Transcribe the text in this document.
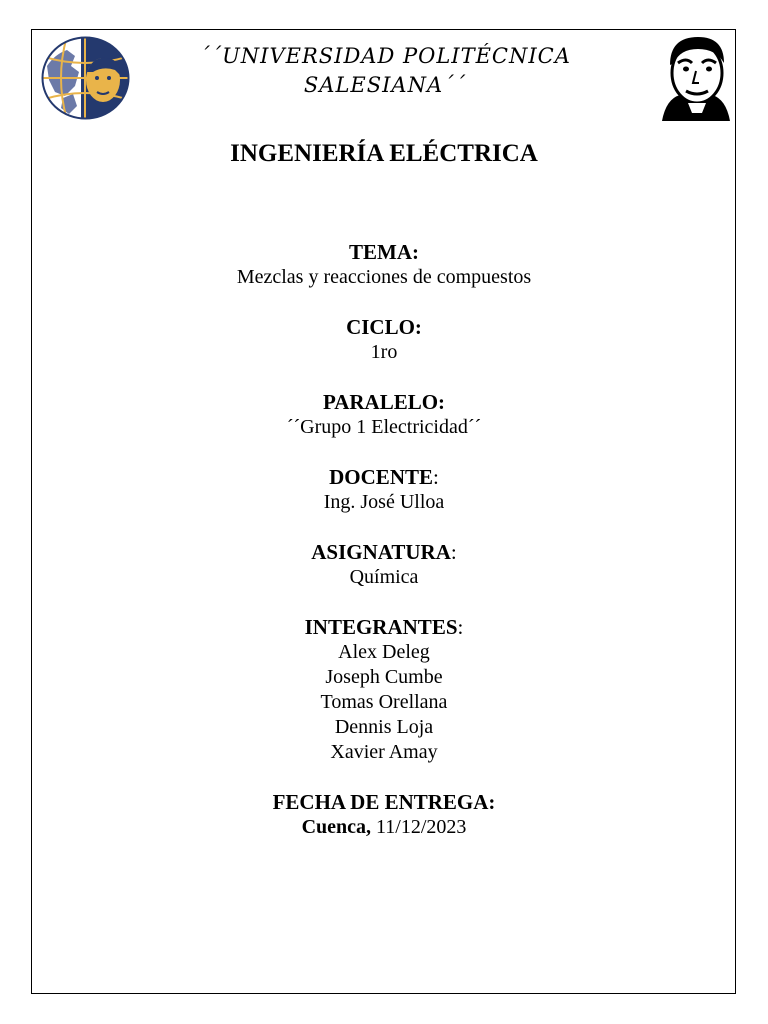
´´UNIVERSIDAD POLITÉCNICA
SALESIANA´´
INGENIERÍA ELÉCTRICA
TEMA:
Mezclas y reacciones de compuestos
CICLO:
1ro
PARALELO:
´´Grupo 1 Electricidad´´
DOCENTE:
Ing. José Ulloa
ASIGNATURA:
Química
INTEGRANTES:
Alex Deleg
Joseph Cumbe
Tomas Orellana
Dennis Loja
Xavier Amay
FECHA DE ENTREGA:
Cuenca, 11/12/2023
